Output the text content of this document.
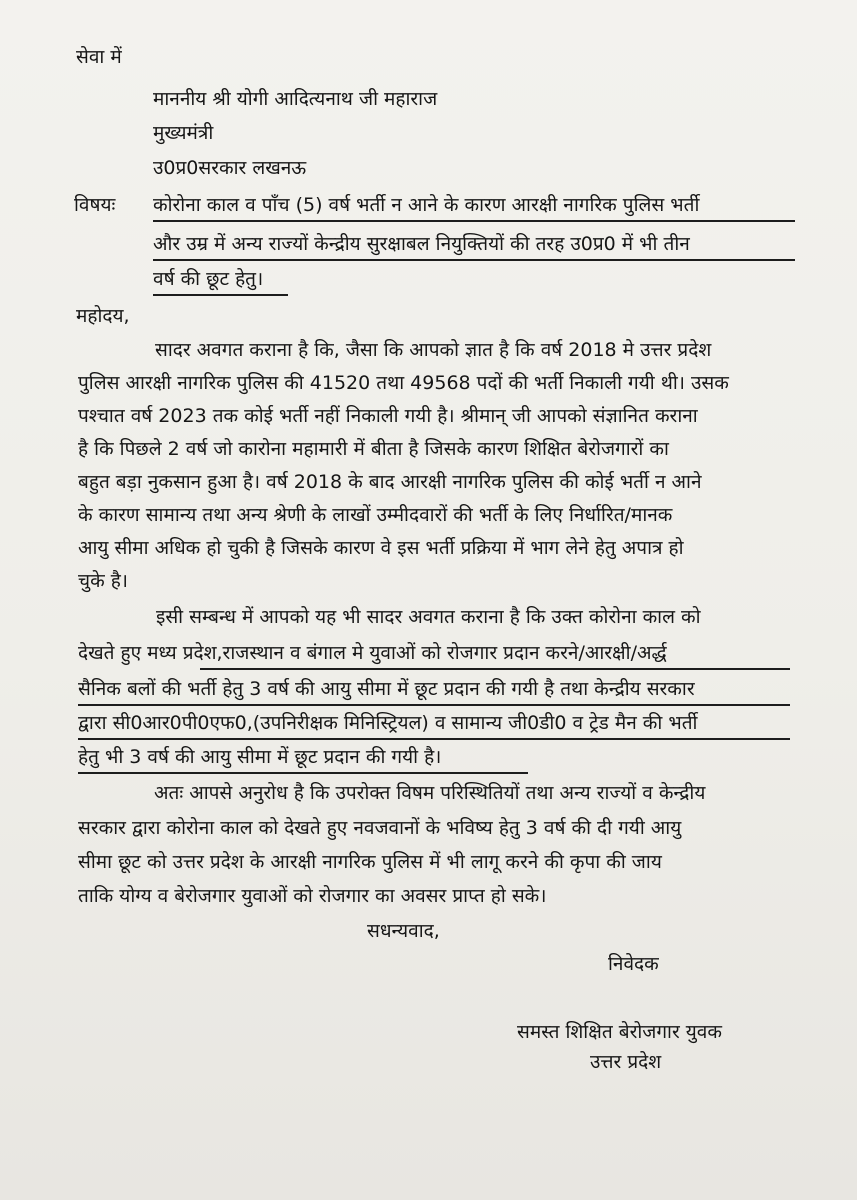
सेवा में
माननीय श्री योगी आदित्यनाथ जी महाराज
मुख्यमंत्री
उ0प्र0सरकार लखनऊ
विषयः कोरोना काल व पाँच (5) वर्ष भर्ती न आने के कारण आरक्षी नागरिक पुलिस भर्ती
और उम्र में अन्य राज्यों केन्द्रीय सुरक्षाबल नियुक्तियों की तरह उ0प्र0 में भी तीन
वर्ष की छूट हेतु।
महोदय,
सादर अवगत कराना है कि, जैसा कि आपको ज्ञात है कि वर्ष 2018 मे उत्तर प्रदेश
पुलिस आरक्षी नागरिक पुलिस की 41520 तथा 49568 पदों की भर्ती निकाली गयी थी। उसक
पश्चात वर्ष 2023 तक कोई भर्ती नहीं निकाली गयी है। श्रीमान् जी आपको संज्ञानित कराना
है कि पिछले 2 वर्ष जो कारोना महामारी में बीता है जिसके कारण शिक्षित बेरोजगारों का
बहुत बड़ा नुकसान हुआ है। वर्ष 2018 के बाद आरक्षी नागरिक पुलिस की कोई भर्ती न आने
के कारण सामान्य तथा अन्य श्रेणी के लाखों उम्मीदवारों की भर्ती के लिए निर्धारित/मानक
आयु सीमा अधिक हो चुकी है जिसके कारण वे इस भर्ती प्रक्रिया में भाग लेने हेतु अपात्र हो
चुके है।
इसी सम्बन्ध में आपको यह भी सादर अवगत कराना है कि उक्त कोरोना काल को
देखते हुए मध्य प्रदेश,राजस्थान व बंगाल मे युवाओं को रोजगार प्रदान करने/आरक्षी/अर्द्ध
सैनिक बलों की भर्ती हेतु 3 वर्ष की आयु सीमा में छूट प्रदान की गयी है तथा केन्द्रीय सरकार
द्वारा सी0आर0पी0एफ0,(उपनिरीक्षक मिनिस्ट्रियल) व सामान्य जी0डी0 व ट्रेड मैन की भर्ती
हेतु भी 3 वर्ष की आयु सीमा में छूट प्रदान की गयी है।
अतः आपसे अनुरोध है कि उपरोक्त विषम परिस्थितियों तथा अन्य राज्यों व केन्द्रीय
सरकार द्वारा कोरोना काल को देखते हुए नवजवानों के भविष्य हेतु 3 वर्ष की दी गयी आयु
सीमा छूट को उत्तर प्रदेश के आरक्षी नागरिक पुलिस में भी लागू करने की कृपा की जाय
ताकि योग्य व बेरोजगार युवाओं को रोजगार का अवसर प्राप्त हो सके।
सधन्यवाद,
निवेदक
समस्त शिक्षित बेरोजगार युवक
उत्तर प्रदेश
